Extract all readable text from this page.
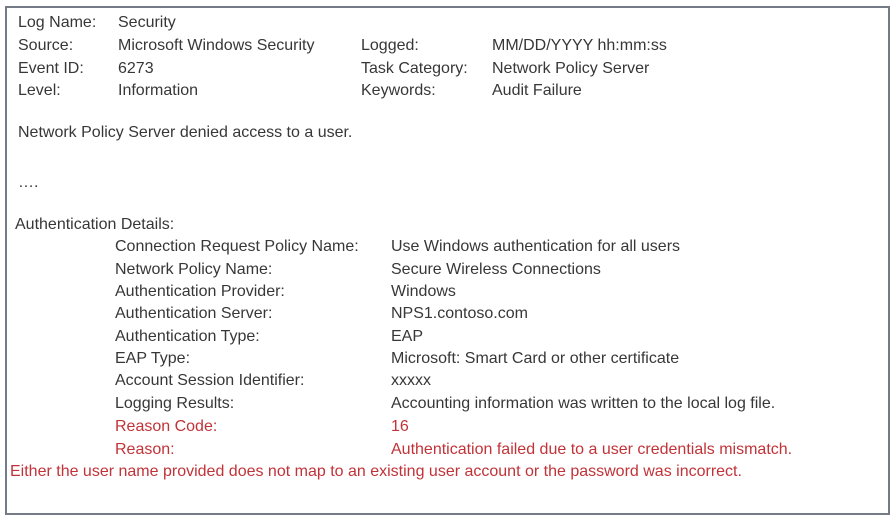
Log Name: Security
Source:	Microsoft Windows Security	Logged:	MM/DD/YYYY hh:mm:ss
Event ID: 6273	Task Category: Network Policy Server
Level:	Information	Keywords:	Audit Failure
Network Policy Server denied access to a user.
….
Authentication Details:
Connection Request Policy Name: Use Windows authentication for all users
Network Policy Name:	Secure Wireless Connections
Authentication Provider:	Windows
Authentication Server:	NPS1.contoso.com
Authentication Type:	EAP
EAP Type:	Microsoft: Smart Card or other certificate
Account Session Identifier:	xxxxx
Logging Results:	Accounting information was written to the local log file.
Reason Code:	16
Reason:	Authentication failed due to a user credentials mismatch.
Either the user name provided does not map to an existing user account or the password was incorrect.
